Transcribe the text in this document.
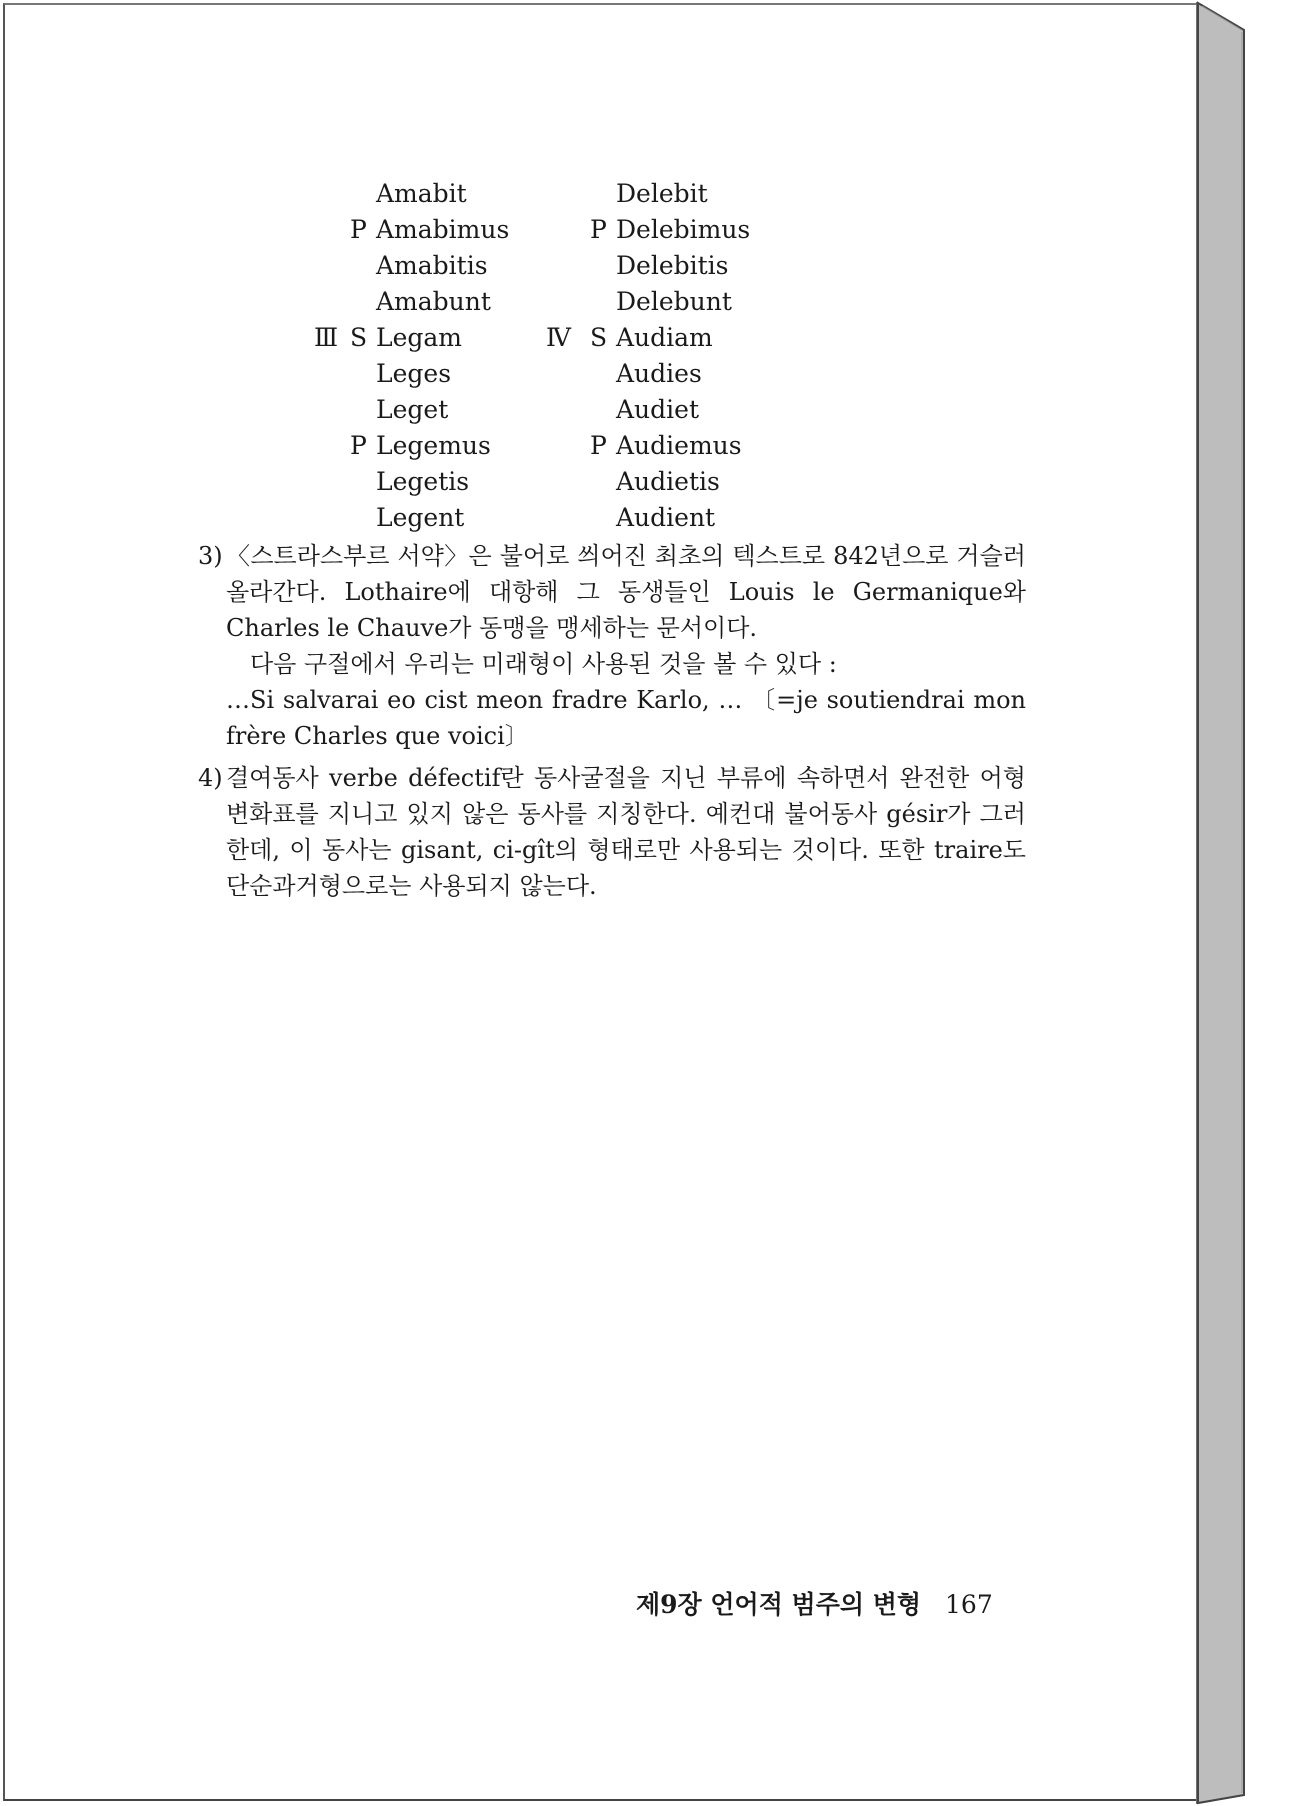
Amabit	Delebit
P Amabimus	P Delebimus
Amabitis	Delebitis
Amabunt	Delebunt
Ⅲ S Legam	Ⅳ S Audiam
Leges	Audies
Leget	Audiet
P Legemus	P Audiemus
Legetis	Audietis
Legent	Audient
3) 〈스트라스부르 서약〉은 불어로 씌어진 최초의 텍스트로 842년으로 거슬러 올라간다. Lothaire에 대항해 그 동생들인 Louis le Germanique와 Charles le Chauve가 동맹을 맹세하는 문서이다.

다음 구절에서 우리는 미래형이 사용된 것을 볼 수 있다 :

…Si salvarai eo cist meon fradre Karlo, … 〔=je soutiendrai mon frère Charles que voici〕

4) 결여동사 verbe défectif란 동사굴절을 지닌 부류에 속하면서 완전한 어형변화표를 지니고 있지 않은 동사를 지칭한다. 예컨대 불어동사 gésir가 그러한데, 이 동사는 gisant, ci-gît의 형태로만 사용되는 것이다. 또한 traire도 단순과거형으로는 사용되지 않는다.

제9장 언어적 범주의 변형 167
